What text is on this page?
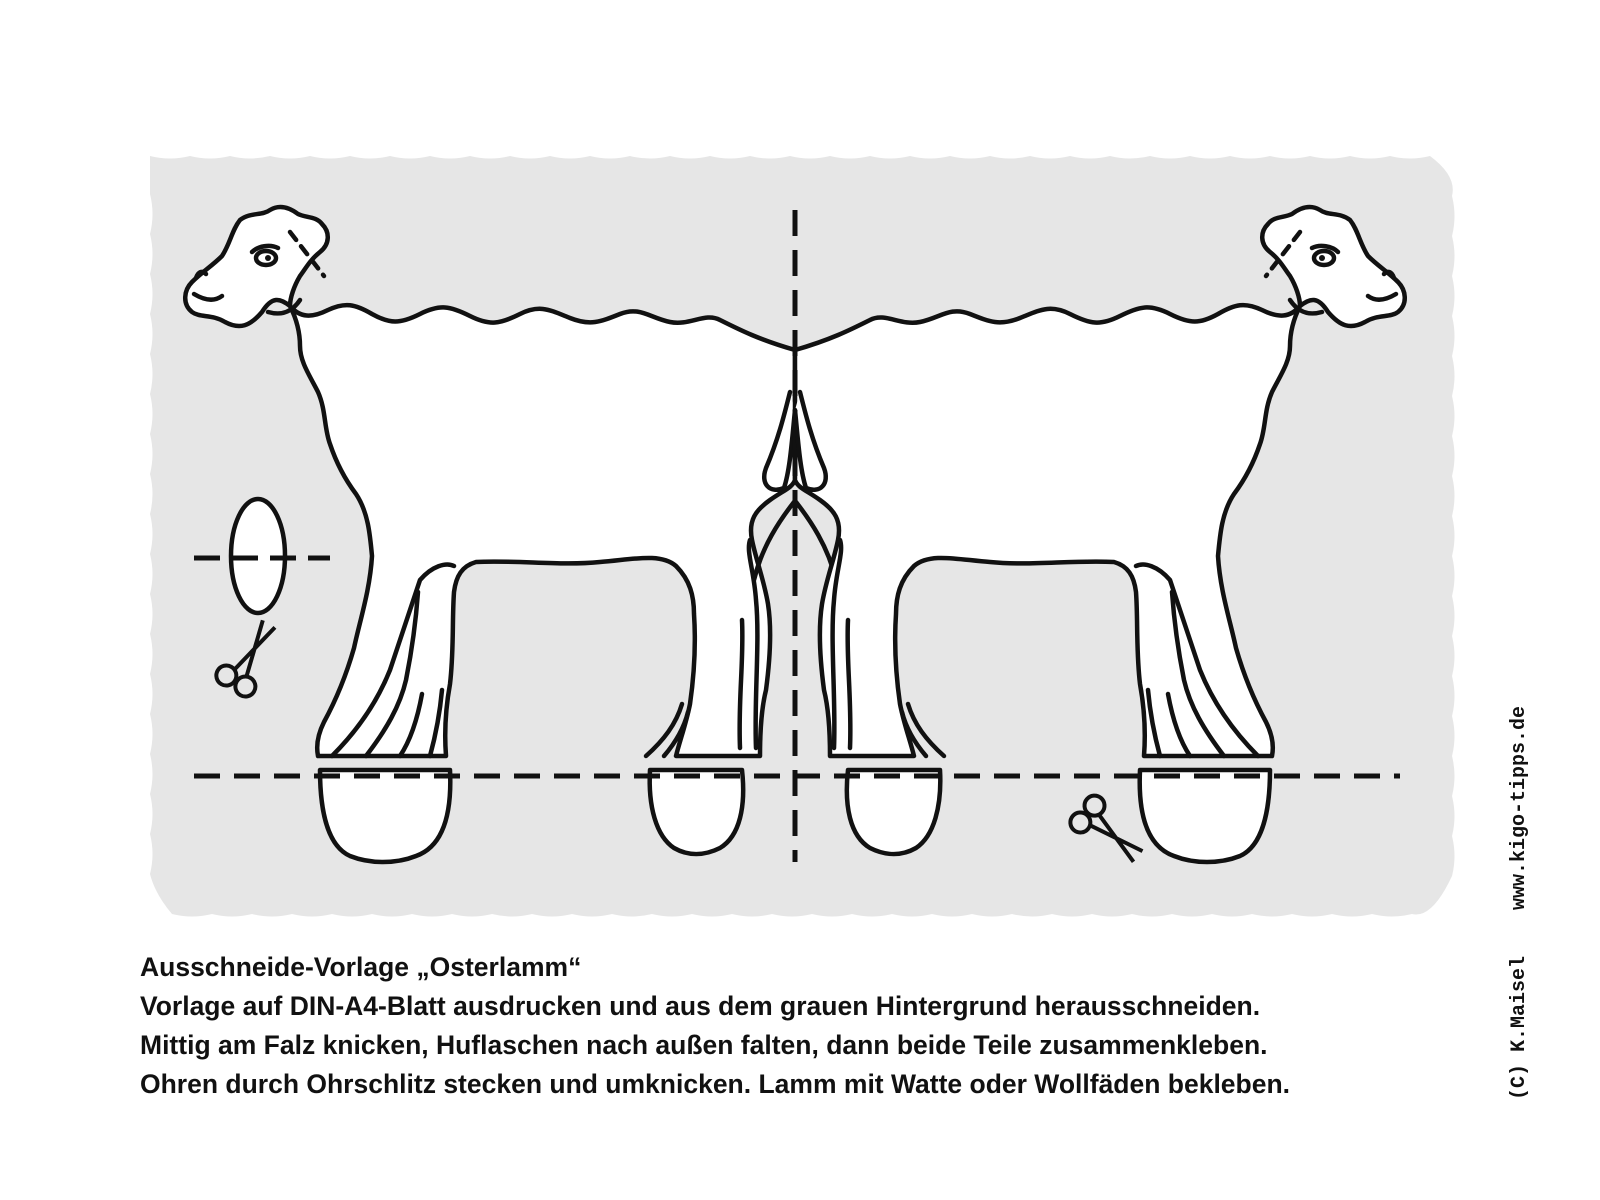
Ausschneide-Vorlage „Osterlamm“
Vorlage auf DIN-A4-Blatt ausdrucken und aus dem grauen Hintergrund herausschneiden.
Mittig am Falz knicken, Huflaschen nach außen falten, dann beide Teile zusammenkleben.
Ohren durch Ohrschlitz stecken und umknicken. Lamm mit Watte oder Wollfäden bekleben.	(C) K.Maiselwww.kigo-tipps.de
